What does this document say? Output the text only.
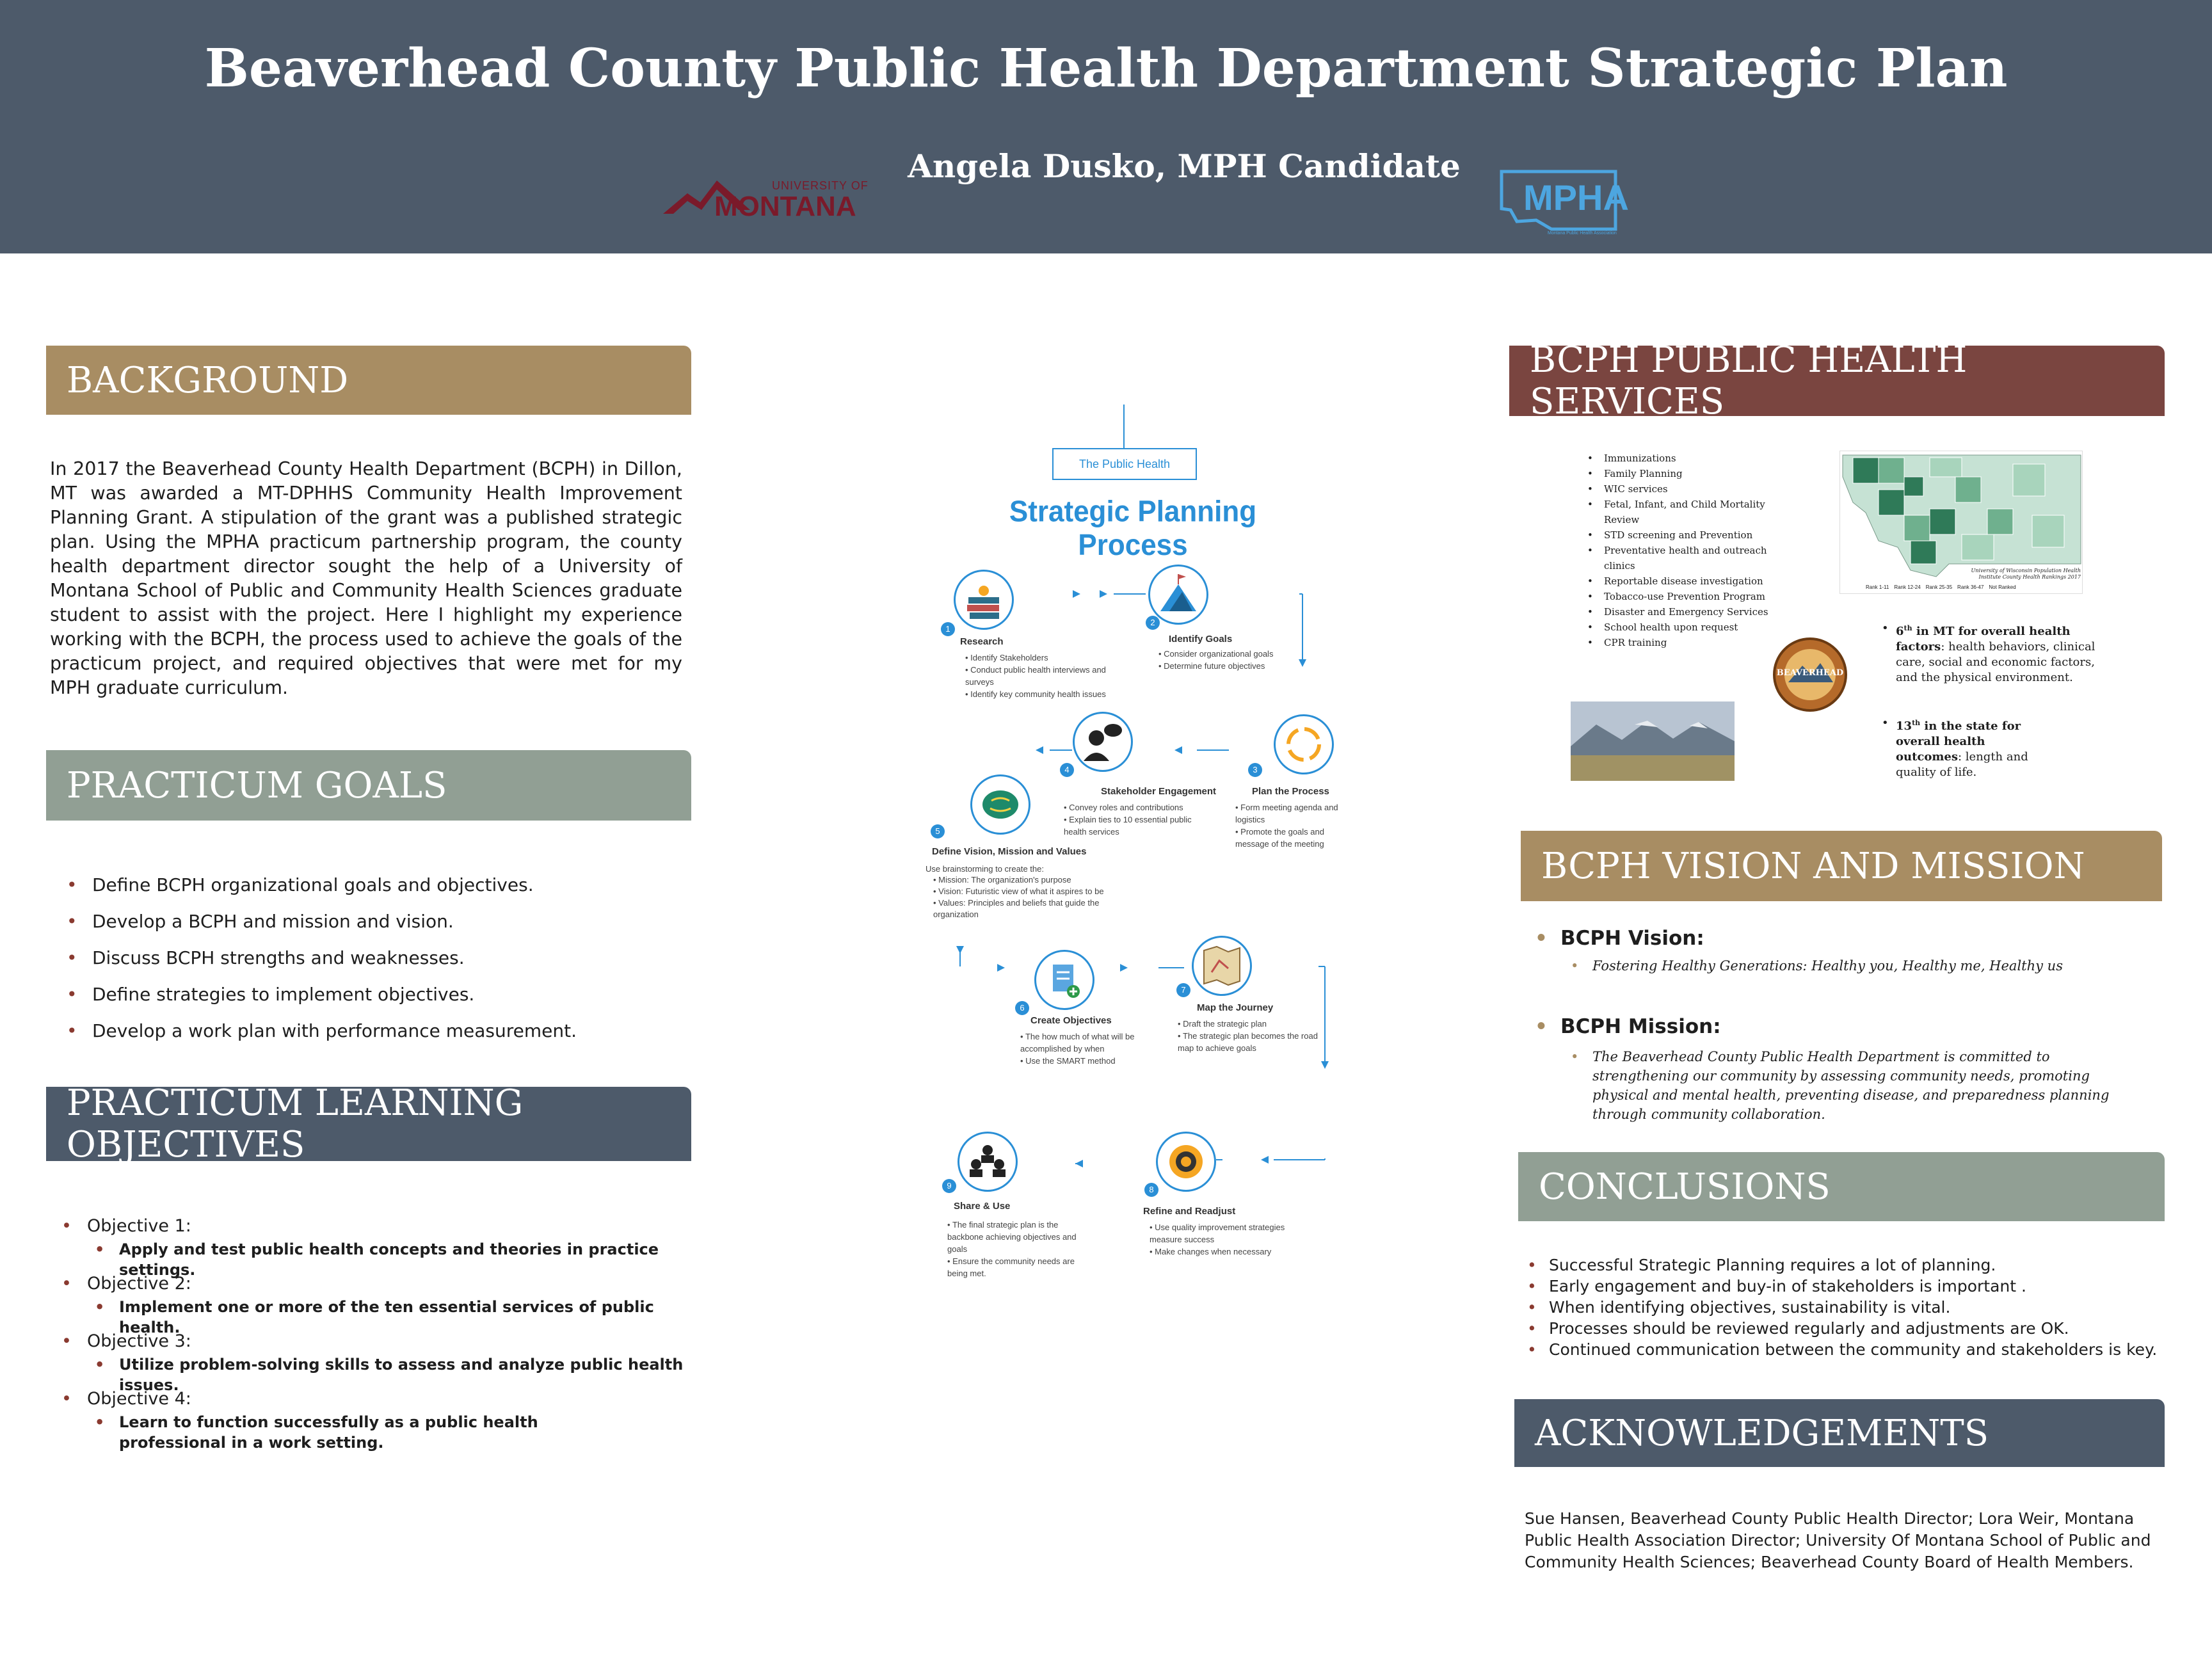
Beaverhead County Public Health Department Strategic Plan
Angela Dusko, MPH Candidate
UNIVERSITY OF
MONTANA	MPHA
Montana Public Health Association
BACKGROUND
In 2017 the Beaverhead County Health Department (BCPH) in Dillon, MT was awarded a MT-DPHHS Community Health Improvement Planning Grant. A stipulation of the grant was a published strategic plan. Using the MPHA practicum partnership program, the county health department director sought the help of a University of Montana School of Public and Community Health Sciences graduate student to assist with the project. Here I highlight my experience working with the BCPH, the process used to achieve the goals of the practicum project, and required objectives that were met for my MPH graduate curriculum.
PRACTICUM GOALS
• Define BCPH organizational goals and objectives.
• Develop a BCPH and mission and vision.
• Discuss BCPH strengths and weaknesses.
• Define strategies to implement objectives.
• Develop a work plan with performance measurement.
PRACTICUM LEARNING OBJECTIVES
• Objective 1:
• Apply and test public health concepts and theories in practice settings.
• Objective 2:
• Implement one or more of the ten essential services of public health.
• Objective 3:
• Utilize problem-solving skills to assess and analyze public health issues.
• Objective 4:
• Learn to function successfully as a public health professional in a work setting.
The Public Health
Strategic Planning Process
1
Research
• Identify Stakeholders
• Conduct public health interviews and surveys
• Identify key community health issues
2
Identify Goals
• Consider organizational goals
• Determine future objectives
3
Plan the Process
• Form meeting agenda and logistics
• Promote the goals and message of the meeting
4
Stakeholder Engagement
• Convey roles and contributions
• Explain ties to 10 essential public health services
5
Define Vision, Mission and Values
Use brainstorming to create the:
• Mission: The organization's purpose
• Vision: Futuristic view of what it aspires to be
• Values: Principles and beliefs that guide the organization
6
Create Objectives
• The how much of what will be accomplished by when
• Use the SMART method
7
Map the Journey
• Draft the strategic plan
• The strategic plan becomes the road map to achieve goals
8
Refine and Readjust
• Use quality improvement strategies measure success
• Make changes when necessary
9
Share & Use
• The final strategic plan is the backbone achieving objectives and goals
• Ensure the community needs are being met.
BCPH PUBLIC HEALTH SERVICES
• Immunizations
• Family Planning
• WIC services
• Fetal, Infant, and Child Mortality Review
• STD screening and Prevention
• Preventative health and outreach clinics
• Reportable disease investigation
• Tobacco-use Prevention Program
• Disaster and Emergency Services
• School health upon request
• CPR training
University of Wisconsin Population Health Institute County Health Rankings 2017
Rank 1-11 Rank 12-24 Rank 25-35 Rank 36-47 Not Ranked
BEAVERHEAD
• 6th in MT for overall health factors: health behaviors, clinical care, social and economic factors, and the physical environment.
• 13th in the state for overall health outcomes: length and quality of life.
BCPH VISION AND MISSION
• BCPH Vision:
• Fostering Healthy Generations: Healthy you, Healthy me, Healthy us
• BCPH Mission:
• The Beaverhead County Public Health Department is committed to strengthening our community by assessing community needs, promoting physical and mental health, preventing disease, and preparedness planning through community collaboration.
CONCLUSIONS
• Successful Strategic Planning requires a lot of planning.
• Early engagement and buy-in of stakeholders is important .
• When identifying objectives, sustainability is vital.
• Processes should be reviewed regularly and adjustments are OK.
• Continued communication between the community and stakeholders is key.
ACKNOWLEDGEMENTS
Sue Hansen, Beaverhead County Public Health Director; Lora Weir, Montana Public Health Association Director; University Of Montana School of Public and Community Health Sciences; Beaverhead County Board of Health Members.
